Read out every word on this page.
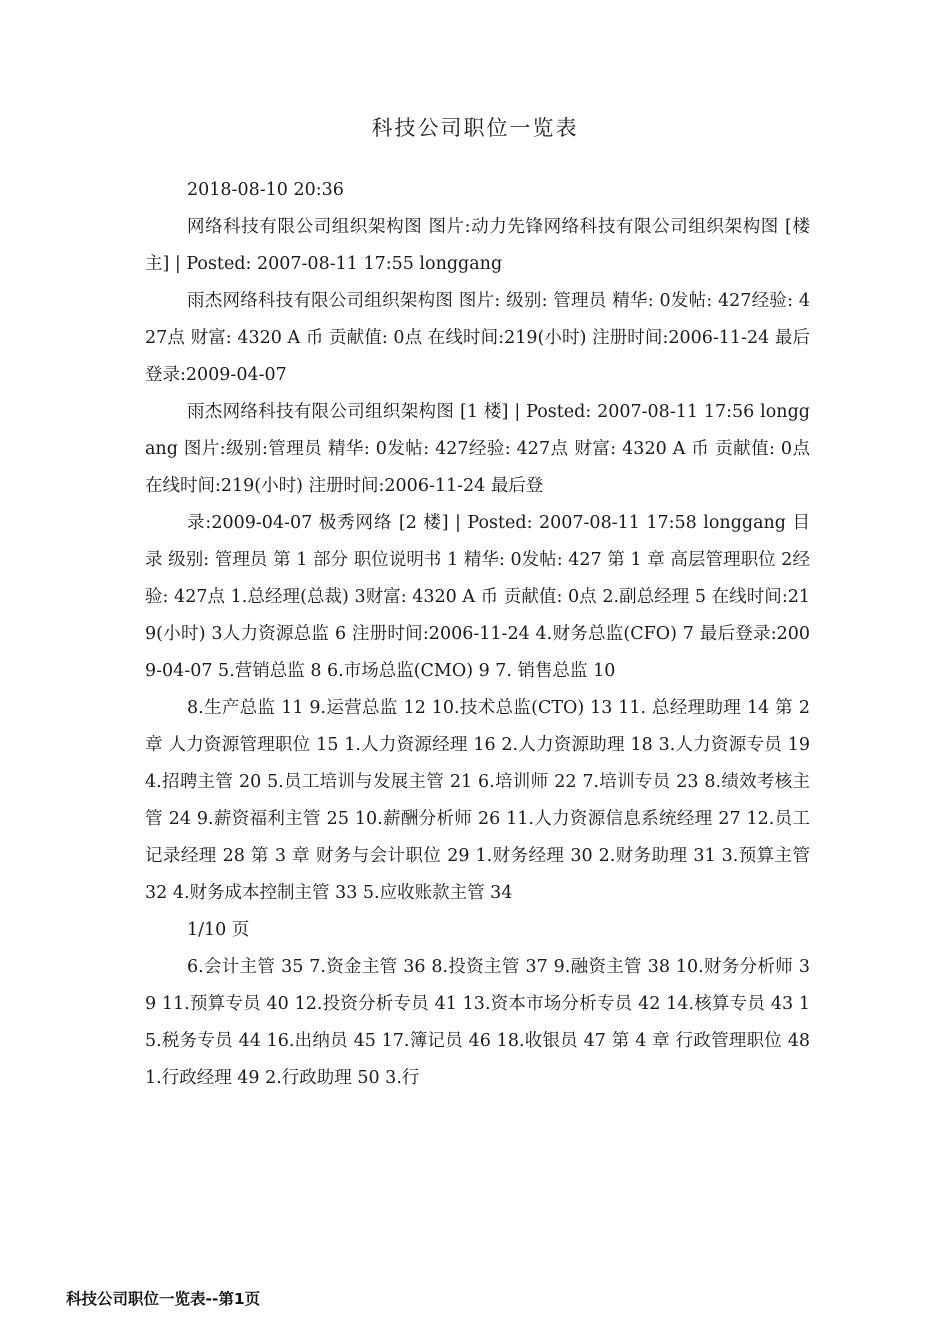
科技公司职位一览表

2018-08-10 20:36

网络科技有限公司组织架构图 图片:动力先锋网络科技有限公司组织架构图 [楼 主] | Posted: 2007-08-11 17:55 longgang

雨杰网络科技有限公司组织架构图 图片: 级别: 管理员 精华: 0发帖: 427经验: 427点 财富: 4320 A 币 贡献值: 0点 在线时间:219(小时) 注册时间:2006-11-24 最后登录:2009-04-07

雨杰网络科技有限公司组织架构图 [1 楼] | Posted: 2007-08-11 17:56 longgang 图片:级别:管理员 精华: 0发帖: 427经验: 427点 财富: 4320 A 币 贡献值: 0点 在线时间:219(小时) 注册时间:2006-11-24 最后登

录:2009-04-07 极秀网络 [2 楼] | Posted: 2007-08-11 17:58 longgang 目 录 级别: 管理员 第 1 部分 职位说明书 1 精华: 0发帖: 427 第 1 章 高层管理职位 2经验: 427点 1.总经理(总裁) 3财富: 4320 A 币 贡献值: 0点 2.副总经理 5 在线时间:219(小时) 3人力资源总监 6 注册时间:2006-11-24 4.财务总监(CFO) 7 最后登录:2009-04-07 5.营销总监 8 6.市场总监(CMO) 9 7. 销售总监 10

8.生产总监 11 9.运营总监 12 10.技术总监(CTO) 13 11. 总经理助理 14 第 2 章 人力资源管理职位 15 1.人力资源经理 16 2.人力资源助理 18 3.人力资源专员 19 4.招聘主管 20 5.员工培训与发展主管 21 6.培训师 22 7.培训专员 23 8.绩效考核主管 24 9.薪资福利主管 25 10.薪酬分析师 26 11.人力资源信息系统经理 27 12.员工记录经理 28 第 3 章 财务与会计职位 29 1.财务经理 30 2.财务助理 31 3.预算主管 32 4.财务成本控制主管 33 5.应收账款主管 34

1/10 页

6.会计主管 35 7.资金主管 36 8.投资主管 37 9.融资主管 38 10.财务分析师 39 11.预算专员 40 12.投资分析专员 41 13.资本市场分析专员 42 14.核算专员 43 15.税务专员 44 16.出纳员 45 17.簿记员 46 18.收银员 47 第 4 章 行政管理职位 48 1.行政经理 49 2.行政助理 50 3.行

科技公司职位一览表--第1页
